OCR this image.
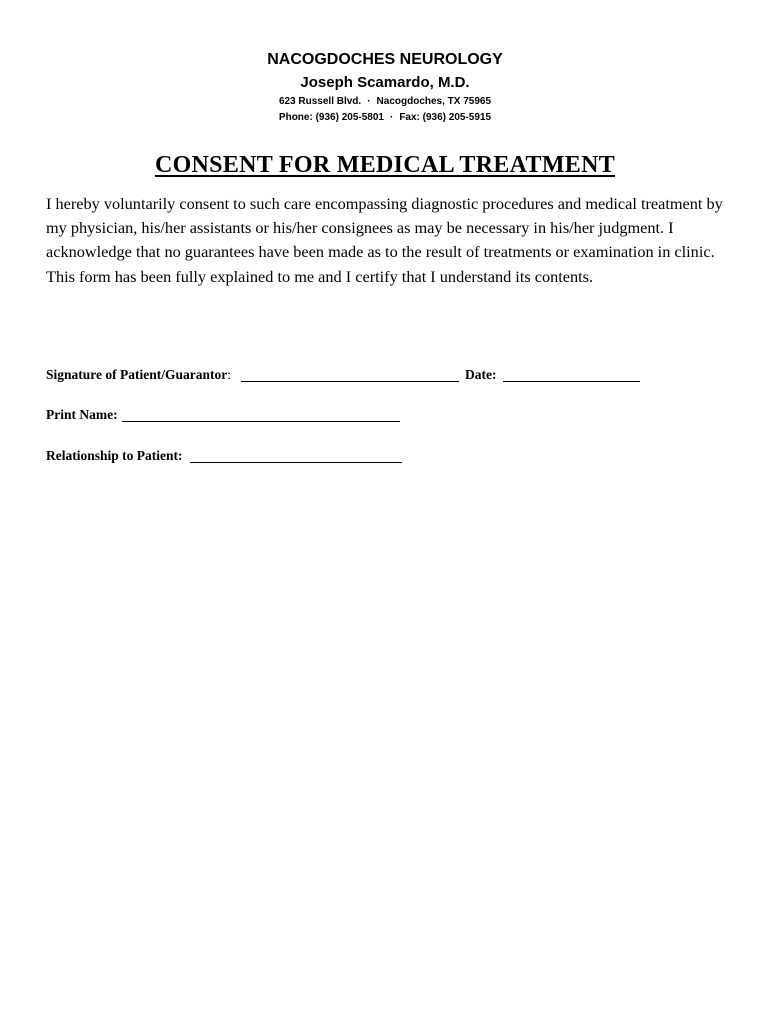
NACOGDOCHES NEUROLOGY

Joseph Scamardo, M.D.

623 Russell Blvd. · Nacogdoches, TX 75965

Phone: (936) 205-5801 · Fax: (936) 205-5915

CONSENT FOR MEDICAL TREATMENT

I hereby voluntarily consent to such care encompassing diagnostic procedures and medical treatment by my physician, his/her assistants or his/her consignees as may be necessary in his/her judgment. I acknowledge that no guarantees have been made as to the result of treatments or examination in clinic. This form has been fully explained to me and I certify that I understand its contents.

Signature of Patient/Guarantor:	Date:
Print Name:
Relationship to Patient:
